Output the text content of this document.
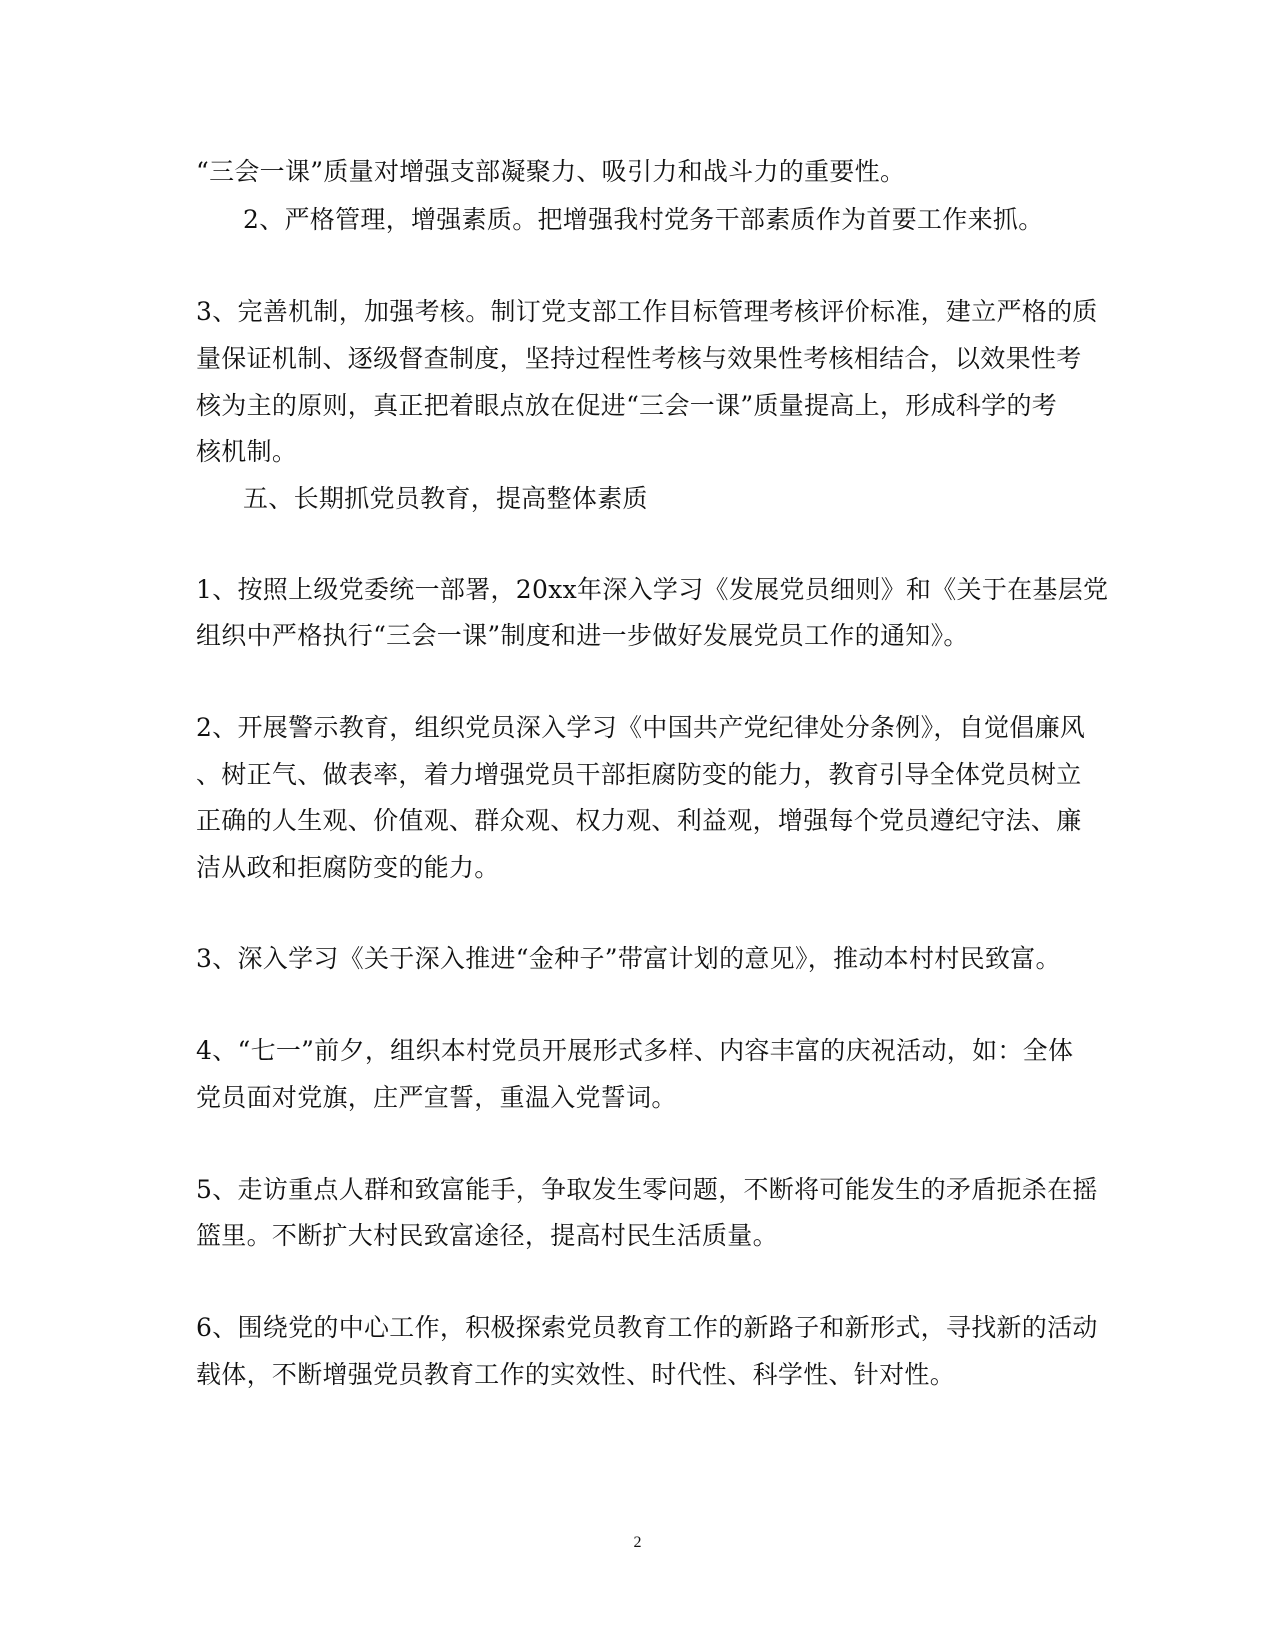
“三会一课”质量对增强支部凝聚力、吸引力和战斗力的重要性。
2、严格管理，增强素质。把增强我村党务干部素质作为首要工作来抓。
3、完善机制，加强考核。制订党支部工作目标管理考核评价标准，建立严格的质
量保证机制、逐级督查制度，坚持过程性考核与效果性考核相结合，以效果性考
核为主的原则，真正把着眼点放在促进“三会一课”质量提高上，形成科学的考
核机制。
五、长期抓党员教育，提高整体素质
1、按照上级党委统一部署，20xx年深入学习《发展党员细则》和《关于在基层党
组织中严格执行“三会一课”制度和进一步做好发展党员工作的通知》。
2、开展警示教育，组织党员深入学习《中国共产党纪律处分条例》，自觉倡廉风
、树正气、做表率，着力增强党员干部拒腐防变的能力，教育引导全体党员树立
正确的人生观、价值观、群众观、权力观、利益观，增强每个党员遵纪守法、廉
洁从政和拒腐防变的能力。
3、深入学习《关于深入推进“金种子”带富计划的意见》，推动本村村民致富。
4、“七一”前夕，组织本村党员开展形式多样、内容丰富的庆祝活动，如：全体
党员面对党旗，庄严宣誓，重温入党誓词。
5、走访重点人群和致富能手，争取发生零问题，不断将可能发生的矛盾扼杀在摇
篮里。不断扩大村民致富途径，提高村民生活质量。
6、围绕党的中心工作，积极探索党员教育工作的新路子和新形式，寻找新的活动
载体，不断增强党员教育工作的实效性、时代性、科学性、针对性。
2
